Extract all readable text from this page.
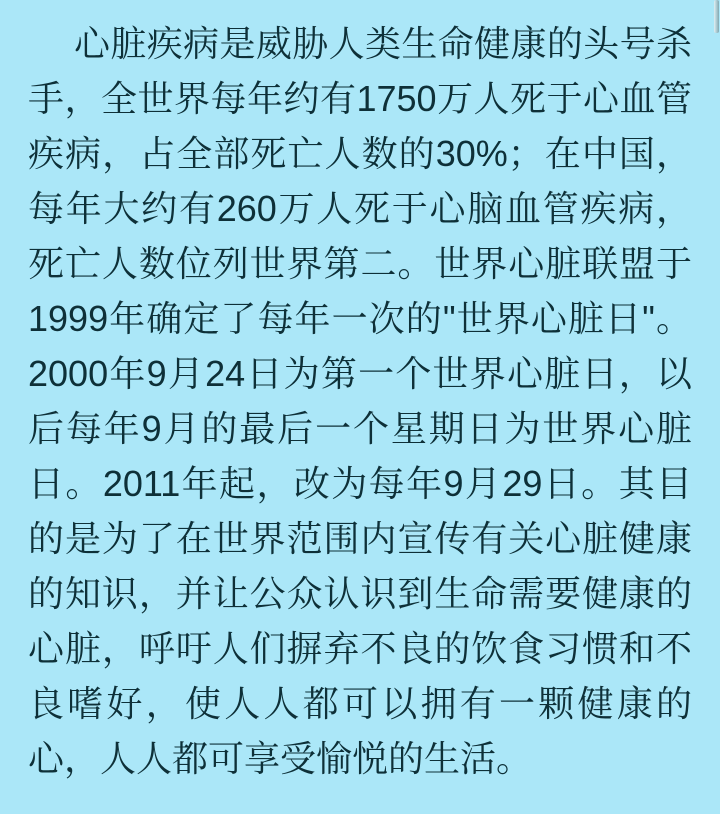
心脏疾病是威胁人类生命健康的头号杀
手，全世界每年约有1750万人死于心血管
疾病，占全部死亡人数的30%；在中国，
每年大约有260万人死于心脑血管疾病，
死亡人数位列世界第二。世界心脏联盟于
1999年确定了每年一次的"世界心脏日"。
2000年9月24日为第一个世界心脏日，以
后每年9月的最后一个星期日为世界心脏
日。2011年起，改为每年9月29日。其目
的是为了在世界范围内宣传有关心脏健康
的知识，并让公众认识到生命需要健康的
心脏，呼吁人们摒弃不良的饮食习惯和不
良嗜好，使人人都可以拥有一颗健康的
心，人人都可享受愉悦的生活。
